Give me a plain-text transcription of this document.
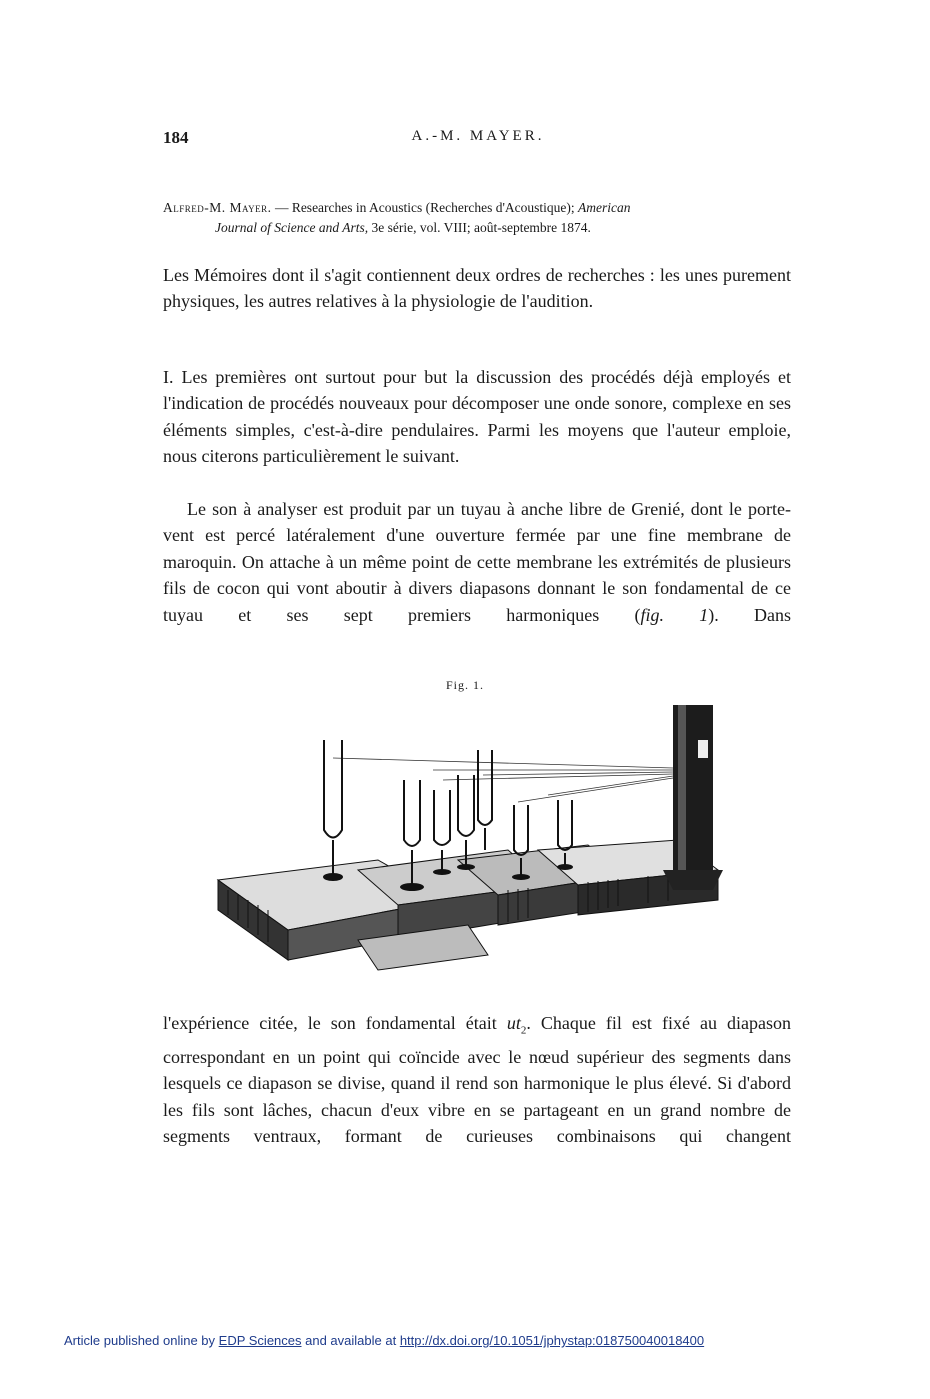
184	A.-M. MAYER.
Alfred-M. Mayer. — Researches in Acoustics (Recherches d'Acoustique); American
Journal of Science and Arts, 3e série, vol. VIII; août-septembre 1874.
Les Mémoires dont il s'agit contiennent deux ordres de recherches : les unes purement physiques, les autres relatives à la physiologie de l'audition.
I. Les premières ont surtout pour but la discussion des procédés déjà employés et l'indication de procédés nouveaux pour décomposer une onde sonore, complexe en ses éléments simples, c'est-à-dire pendulaires. Parmi les moyens que l'auteur emploie, nous citerons particulièrement le suivant.
Le son à analyser est produit par un tuyau à anche libre de Grenié, dont le porte-vent est percé latéralement d'une ouverture fermée par une fine membrane de maroquin. On attache à un même point de cette membrane les extrémités de plusieurs fils de cocon qui vont aboutir à divers diapasons donnant le son fondamental de ce tuyau et ses sept premiers harmoniques (fig. 1). Dans
Fig. 1.
l'expérience citée, le son fondamental était $ut_2$. Chaque fil est fixé au diapason correspondant en un point qui coïncide avec le nœud supérieur des segments dans lesquels ce diapason se divise, quand il rend son harmonique le plus élevé. Si d'abord les fils sont lâches, chacun d'eux vibre en se partageant en un grand nombre de segments ventraux, formant de curieuses combinaisons qui changent
Article published online by EDP Sciences and available at http://dx.doi.org/10.1051/jphystap:018750040018400
